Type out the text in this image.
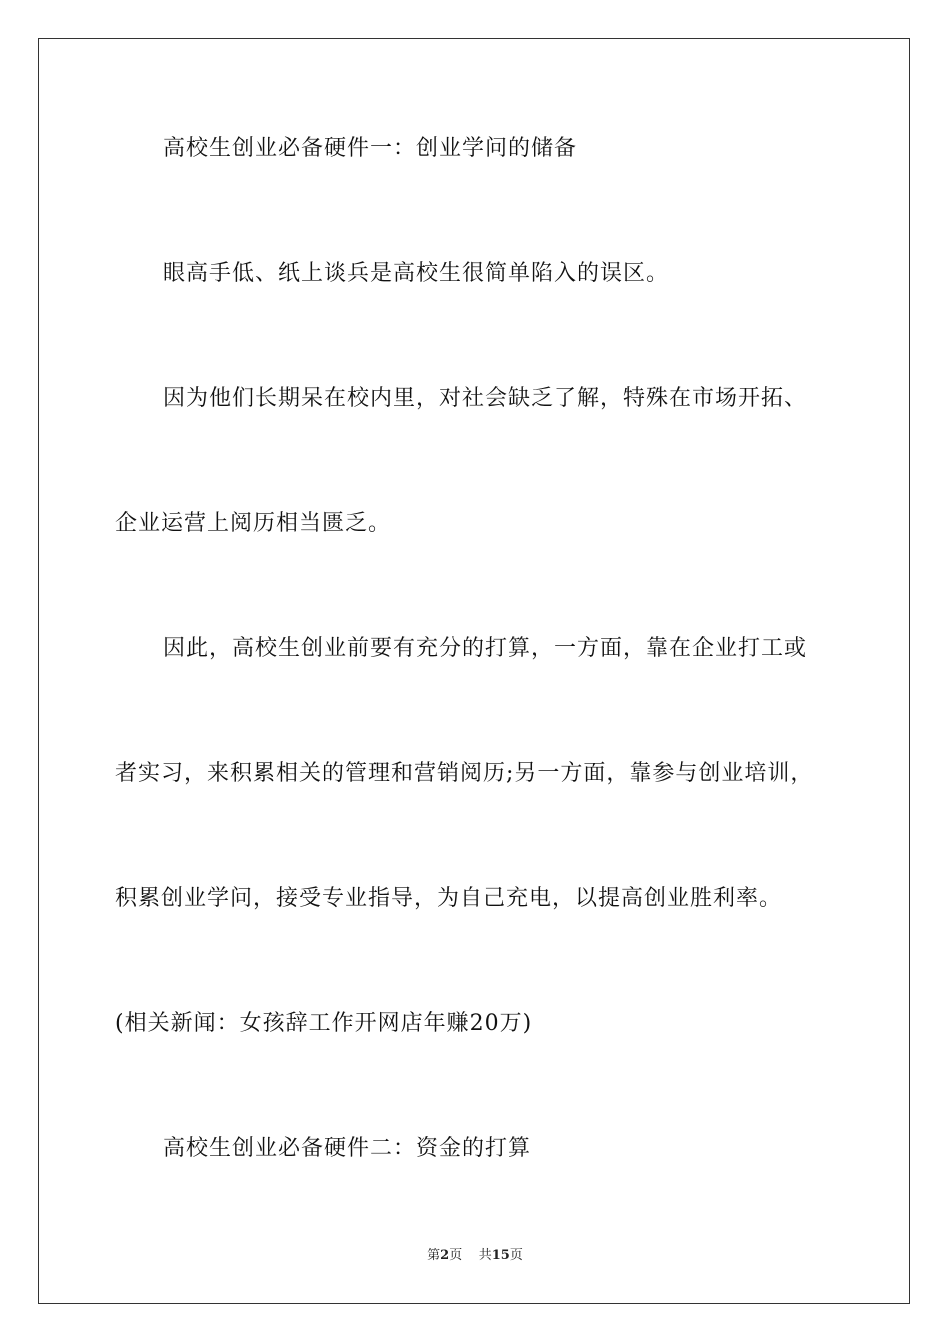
高校生创业必备硬件一：创业学问的储备
眼高手低、纸上谈兵是高校生很简单陷入的误区。
因为他们长期呆在校内里，对社会缺乏了解，特殊在市场开拓、
企业运营上阅历相当匮乏。
因此，高校生创业前要有充分的打算，一方面，靠在企业打工或
者实习，来积累相关的管理和营销阅历;另一方面，靠参与创业培训，
积累创业学问，接受专业指导，为自己充电，以提高创业胜利率。
(相关新闻：女孩辞工作开网店年赚20万)
高校生创业必备硬件二：资金的打算
第2页 共15页
